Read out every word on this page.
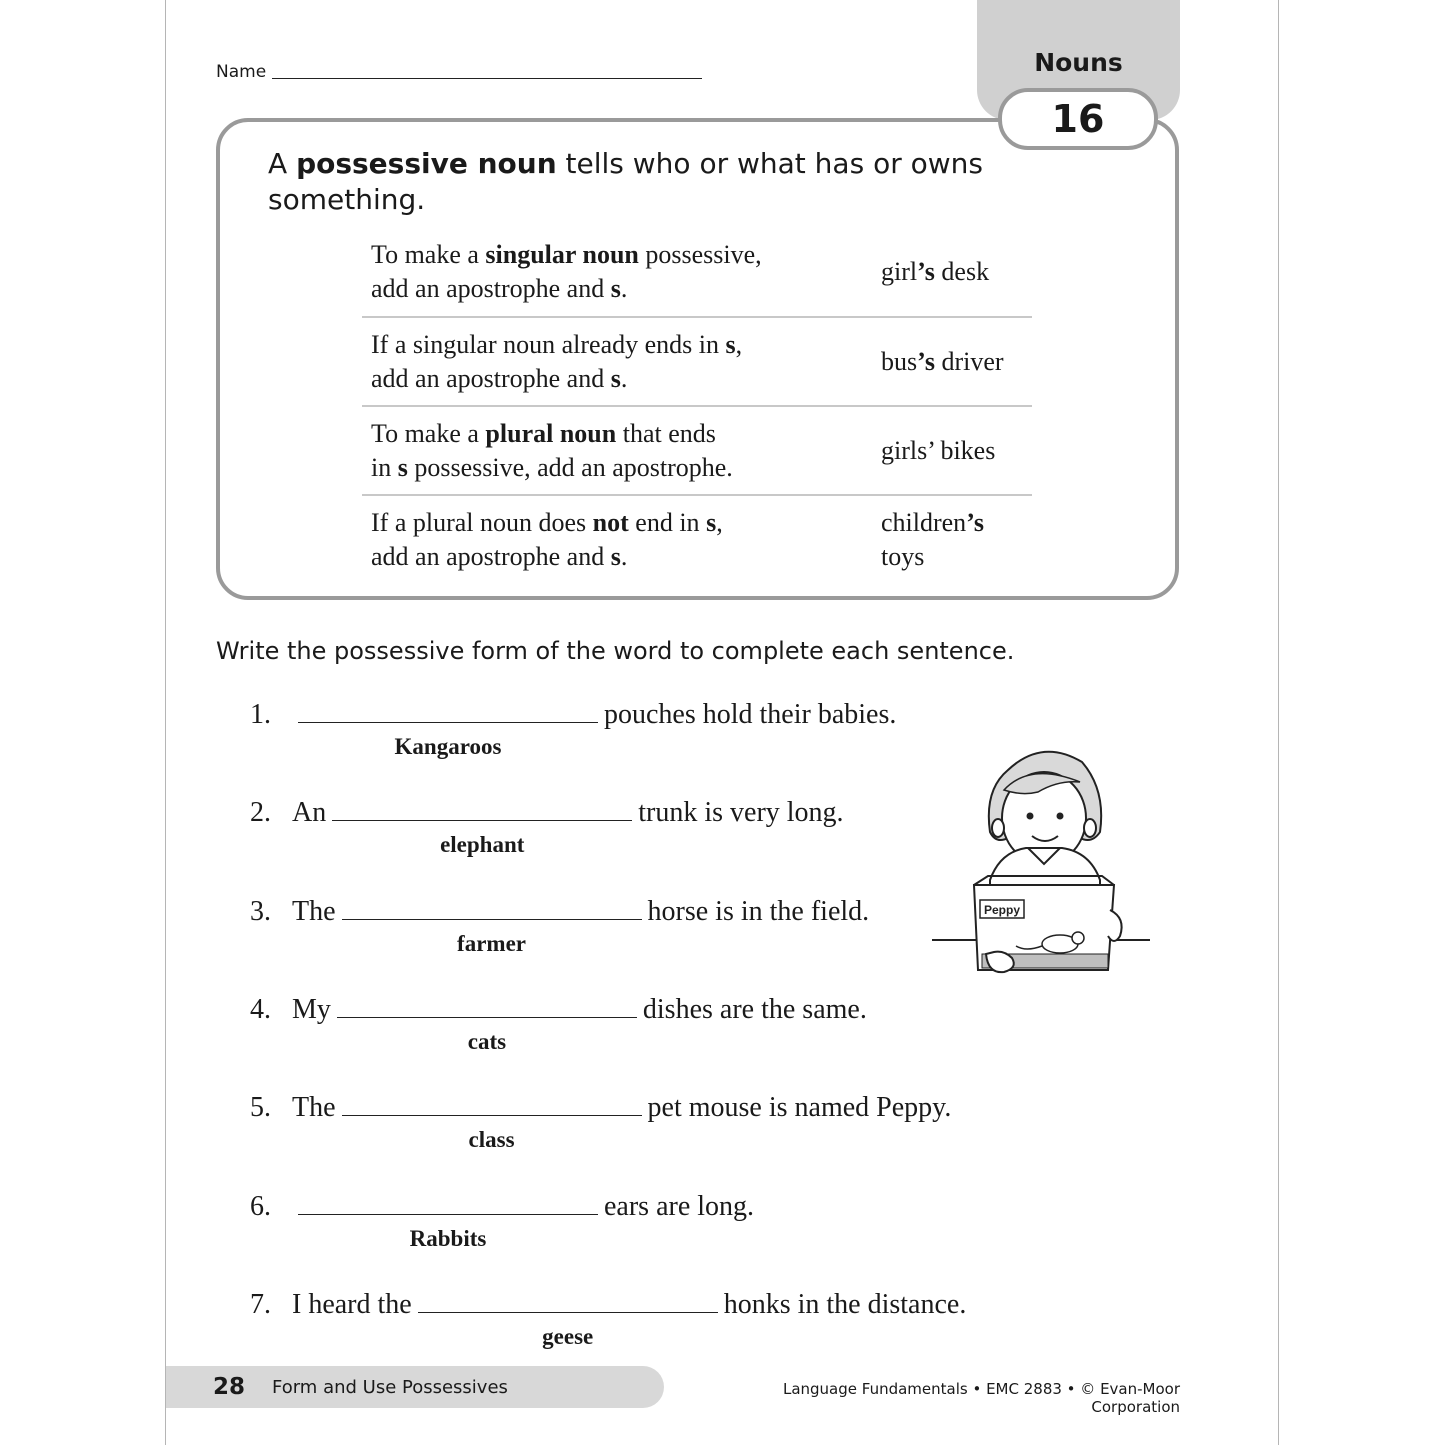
Name	Nouns
16
A possessive noun tells who or what has or owns something.
To make a singular noun possessive,
add an apostrophe and s.	girl’s desk
If a singular noun already ends in s,
add an apostrophe and s.	bus’s driver
To make a plural noun that ends
in s possessive, add an apostrophe.	girls’ bikes
If a plural noun does not end in s,
add an apostrophe and s.	children’s toys
Write the possessive form of the word to complete each sentence.
1.	pouches hold their babies.
Kangaroos
2. An	trunk is very long.
elephant
3. The	horse is in the field.
farmer
4. My	dishes are the same.
cats
5. The	pet mouse is named Peppy.
class
6.	ears are long.
Rabbits
7. I heard the	honks in the distance.
geese
Peppy
28 Form and Use Possessives	Language Fundamentals • EMC 2883 • © Evan-Moor Corporation
